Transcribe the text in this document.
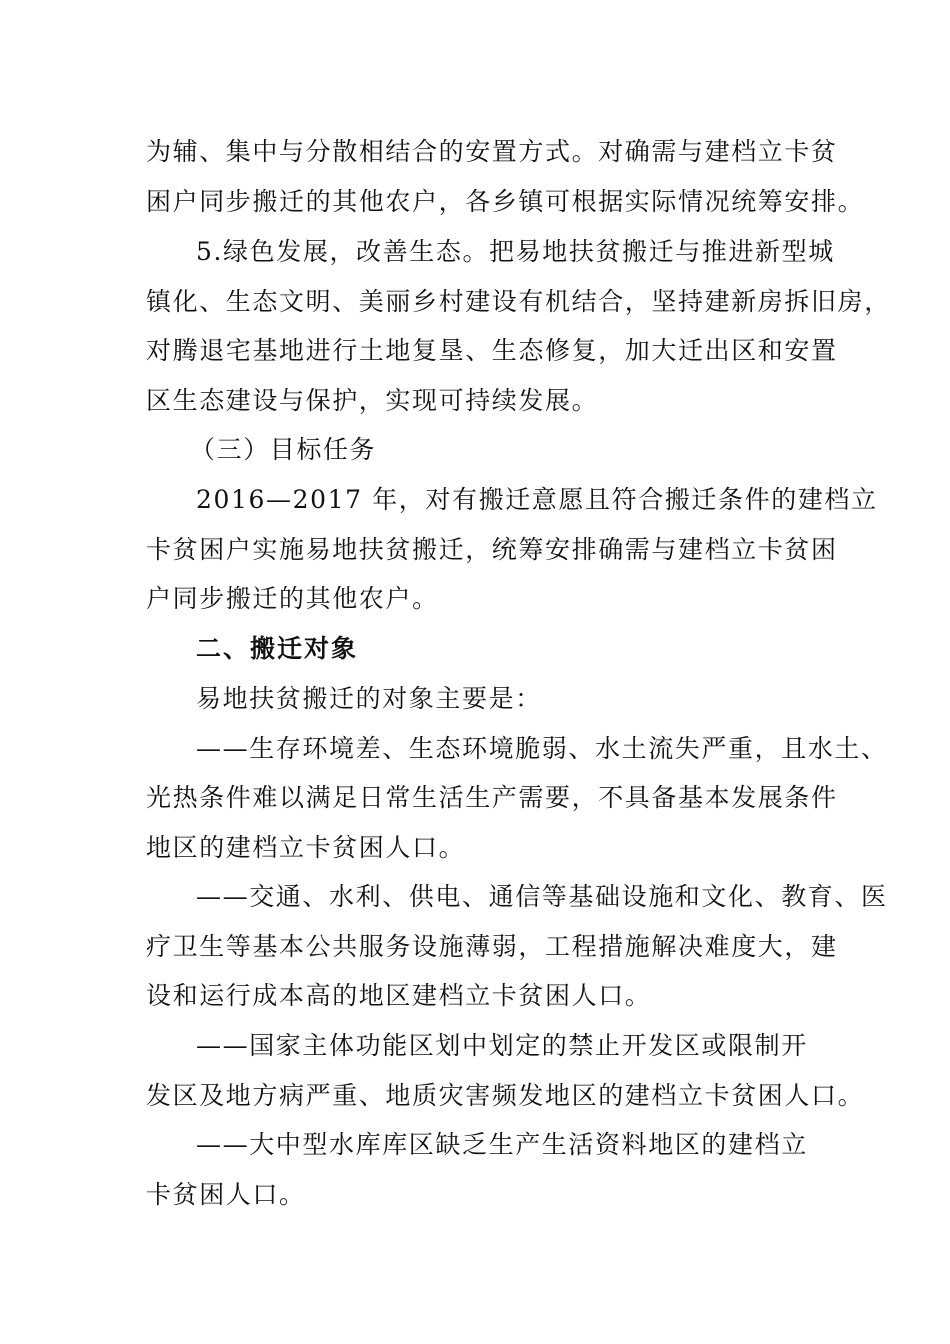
为辅、集中与分散相结合的安置方式。对确需与建档立卡贫
困户同步搬迁的其他农户，各乡镇可根据实际情况统筹安排。
5.绿色发展，改善生态。把易地扶贫搬迁与推进新型城
镇化、生态文明、美丽乡村建设有机结合，坚持建新房拆旧房，
对腾退宅基地进行土地复垦、生态修复，加大迁出区和安置
区生态建设与保护，实现可持续发展。
（三）目标任务
2016—2017 年，对有搬迁意愿且符合搬迁条件的建档立
卡贫困户实施易地扶贫搬迁，统筹安排确需与建档立卡贫困
户同步搬迁的其他农户。
二、搬迁对象
易地扶贫搬迁的对象主要是：
——生存环境差、生态环境脆弱、水土流失严重，且水土、
光热条件难以满足日常生活生产需要，不具备基本发展条件
地区的建档立卡贫困人口。
——交通、水利、供电、通信等基础设施和文化、教育、医
疗卫生等基本公共服务设施薄弱，工程措施解决难度大，建
设和运行成本高的地区建档立卡贫困人口。
——国家主体功能区划中划定的禁止开发区或限制开
发区及地方病严重、地质灾害频发地区的建档立卡贫困人口。
——大中型水库库区缺乏生产生活资料地区的建档立
卡贫困人口。
